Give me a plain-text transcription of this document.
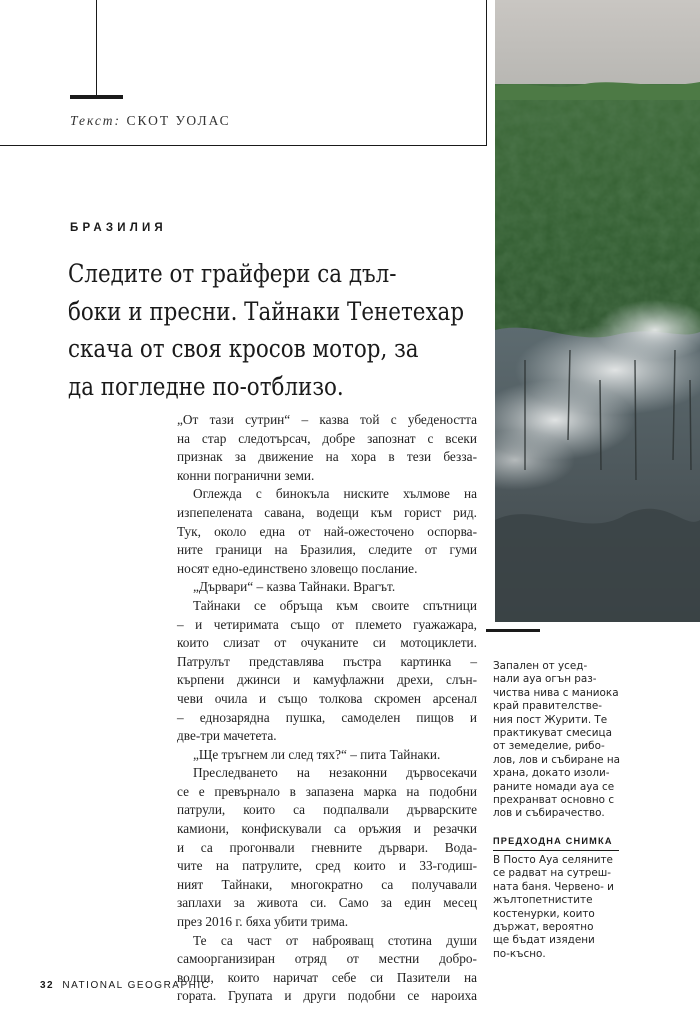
Текст: СКОТ УОЛАС
БРАЗИЛИЯ
Следите от грайфери са дъл-
боки и пресни. Тайнаки Тенетехар
скача от своя кросов мотор, за
да погледне по-отблизо.
„От тази сутрин“ – казва той с убедеността
на стар следотърсач, добре запознат с всеки
признак за движение на хора в тези безза-
конни погранични земи.
Оглежда с бинокъла ниските хълмове на
изпепелената савана, водещи към горист рид.
Тук, около една от най-ожесточено оспорва-
ните граници на Бразилия, следите от гуми
носят едно-единствено зловещо послание.
„Дървари“ – казва Тайнаки. Врагът.
Тайнаки се обръща към своите спътници
– и четиримата също от племето гуажажара,
които слизат от очуканите си мотоциклети.
Патрулът представлява пъстра картинка –
кърпени джинси и камуфлажни дрехи, слън-
чеви очила и също толкова скромен арсенал
– еднозарядна пушка, самоделен пищов и
две-три мачетета.
„Ще тръгнем ли след тях?“ – пита Тайнаки.
Преследването на незаконни дървосекачи
се е превърнало в запазена марка на подобни
патрули, които са подпалвали дърварските
камиони, конфискували са оръжия и резачки
и са прогонвали гневните дървари. Вода-
чите на патрулите, сред които и 33-годиш-
ният Тайнаки, многократно са получавали
заплахи за живота си. Само за един месец
през 2016 г. бяха убити трима.
Те са част от наброяващ стотина души
самоорганизиран отряд от местни добро-
волци, които наричат себе си Пазители на
гората. Групата и други подобни се нароиха
Запален от усед-
нали ауа огън раз-
чиства нива с маниока
край правителстве-
ния пост Журити. Те
практикуват смесица
от земеделие, рибо-
лов, лов и събиране на
храна, докато изоли-
раните номади ауа се
прехранват основно с
лов и събирачество.
ПРЕДХОДНА СНИМКА
В Посто Ауа селяните
се радват на сутреш-
ната баня. Червено- и
жълтопетнистите
костенурки, които
държат, вероятно
ще бъдат изядени
по-късно.
32 NATIONAL GEOGRAPHIC
